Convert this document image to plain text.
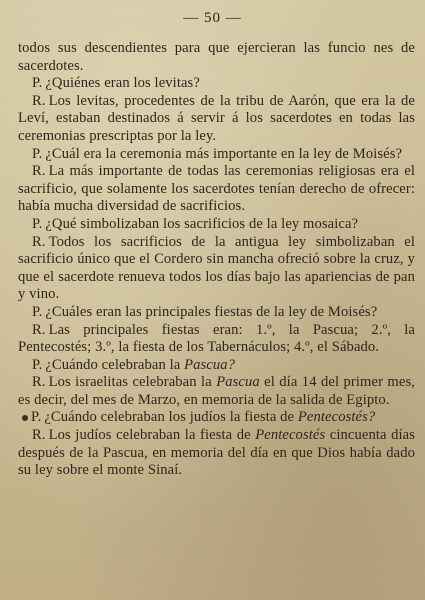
— 50 —

todos sus descendientes para que ejercieran las funcio nes de sacerdotes.

P. ¿Quiénes eran los levitas?

R. Los levitas, procedentes de la tribu de Aarón, que era la de Leví, estaban destinados á servir á los sacerdotes en todas las ceremonias prescriptas por la ley.

P. ¿Cuál era la ceremonia más importante en la ley de Moisés?

R. La más importante de todas las ceremonias religiosas era el sacrificio, que solamente los sacerdotes tenían derecho de ofrecer: había mucha diversidad de sacrificios.

P. ¿Qué simbolizaban los sacrificios de la ley mosaica?

R. Todos los sacrificios de la antigua ley simbolizaban el sacrificio único que el Cordero sin mancha ofreció sobre la cruz, y que el sacerdote renueva todos los días bajo las apariencias de pan y vino.

P. ¿Cuáles eran las principales fiestas de la ley de Moisés?

R. Las principales fiestas eran: 1.º, la Pascua; 2.º, la Pentecostés; 3.º, la fiesta de los Tabernáculos; 4.º, el Sábado.

P. ¿Cuándo celebraban la Pascua?

R. Los israelitas celebraban la Pascua el día 14 del primer mes, es decir, del mes de Marzo, en memoria de la salida de Egipto.

P. ¿Cuándo celebraban los judíos la fiesta de Pentecostés?

R. Los judíos celebraban la fiesta de Pentecostés cincuenta días después de la Pascua, en memoria del día en que Dios había dado su ley sobre el monte Sinaí.
